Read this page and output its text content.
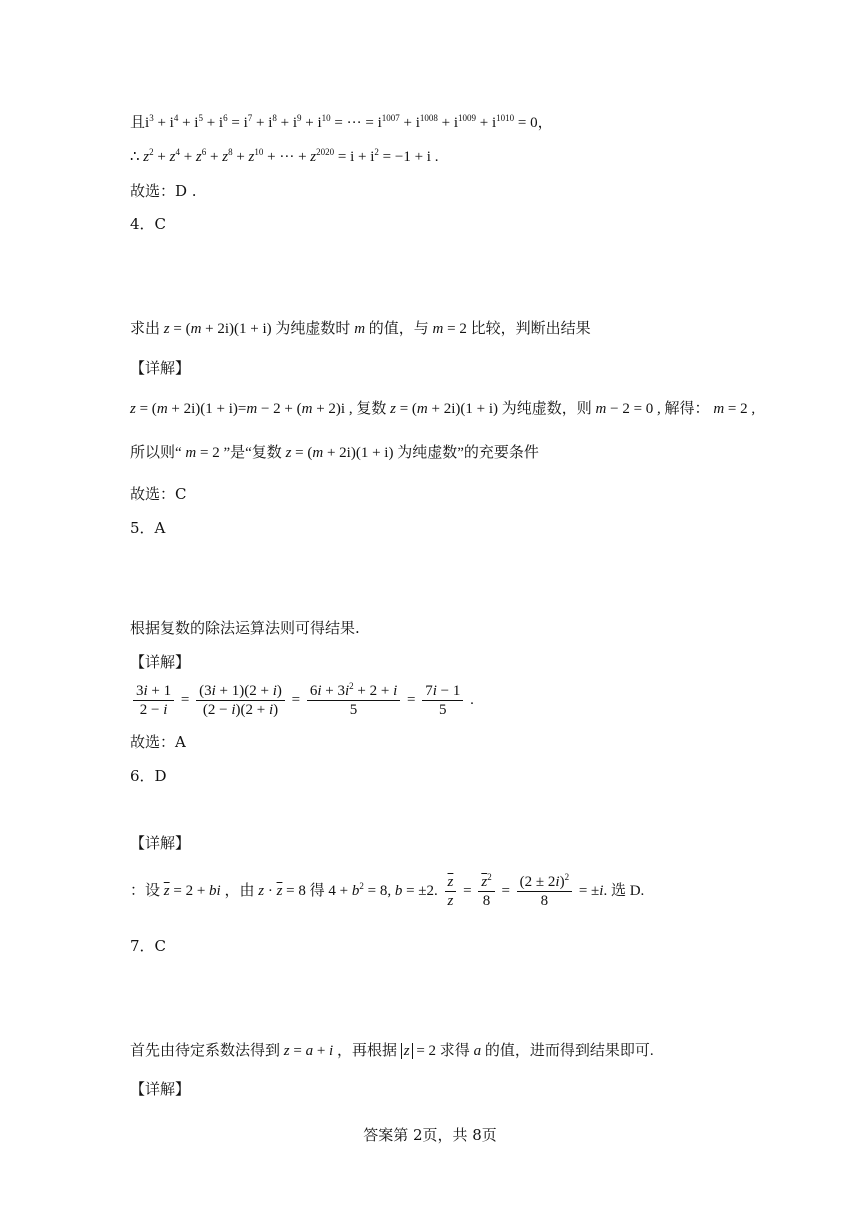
且$i^3 + i^4 + i^5 + i^6 = i^7 + i^8 + i^9 + i^{10}$ = ··· = $i^{1007} + i^{1008} + i^{1009} + i^{1010} = 0$，
∴ $z^2 + z^4 + z^6 + z^8 + z^{10}$ + ··· + $z^{2020} = i + i^2 = -1 + i$ .
故选：D .
4．C
求出 z = (m + 2i)(1 + i) 为纯虚数时 m 的值，与 m = 2 比较，判断出结果
【详解】
z = (m + 2i)(1 + i)=m − 2 + (m + 2)i , 复数 z = (m + 2i)(1 + i) 为纯虚数，则 m − 2 = 0 , 解得： m = 2 ,
所以则“ m = 2 ”是“复数 z = (m + 2i)(1 + i) 为纯虚数”的充要条件
故选：C
5．A
根据复数的除法运算法则可得结果.
【详解】
$\frac{3i + 1}{2 - i} = \frac{(3i + 1)(2 + i)}{(2 - i)(2 + i)} = \frac{6i + 3i^2 + 2 + i}{5} = \frac{7i - 1}{5}$ .
故选：A
6．D
【详解】
：设 $\overline{z} = 2$ + bi ，由 $z \cdot \overline{z} = 8$ 得 $4 + b^2 = 8$, b = ±2. $\frac{\overline{z}}{z} = \frac{\overline{z}^2}{8} = \frac{(2 \pm 2i)^2}{8} = \pm i$. 选 D.
7．C
首先由待定系数法得到 z = a + i ，再根据 z = 2 求得 a 的值，进而得到结果即可.
【详解】
答案第 2页，共 8页
